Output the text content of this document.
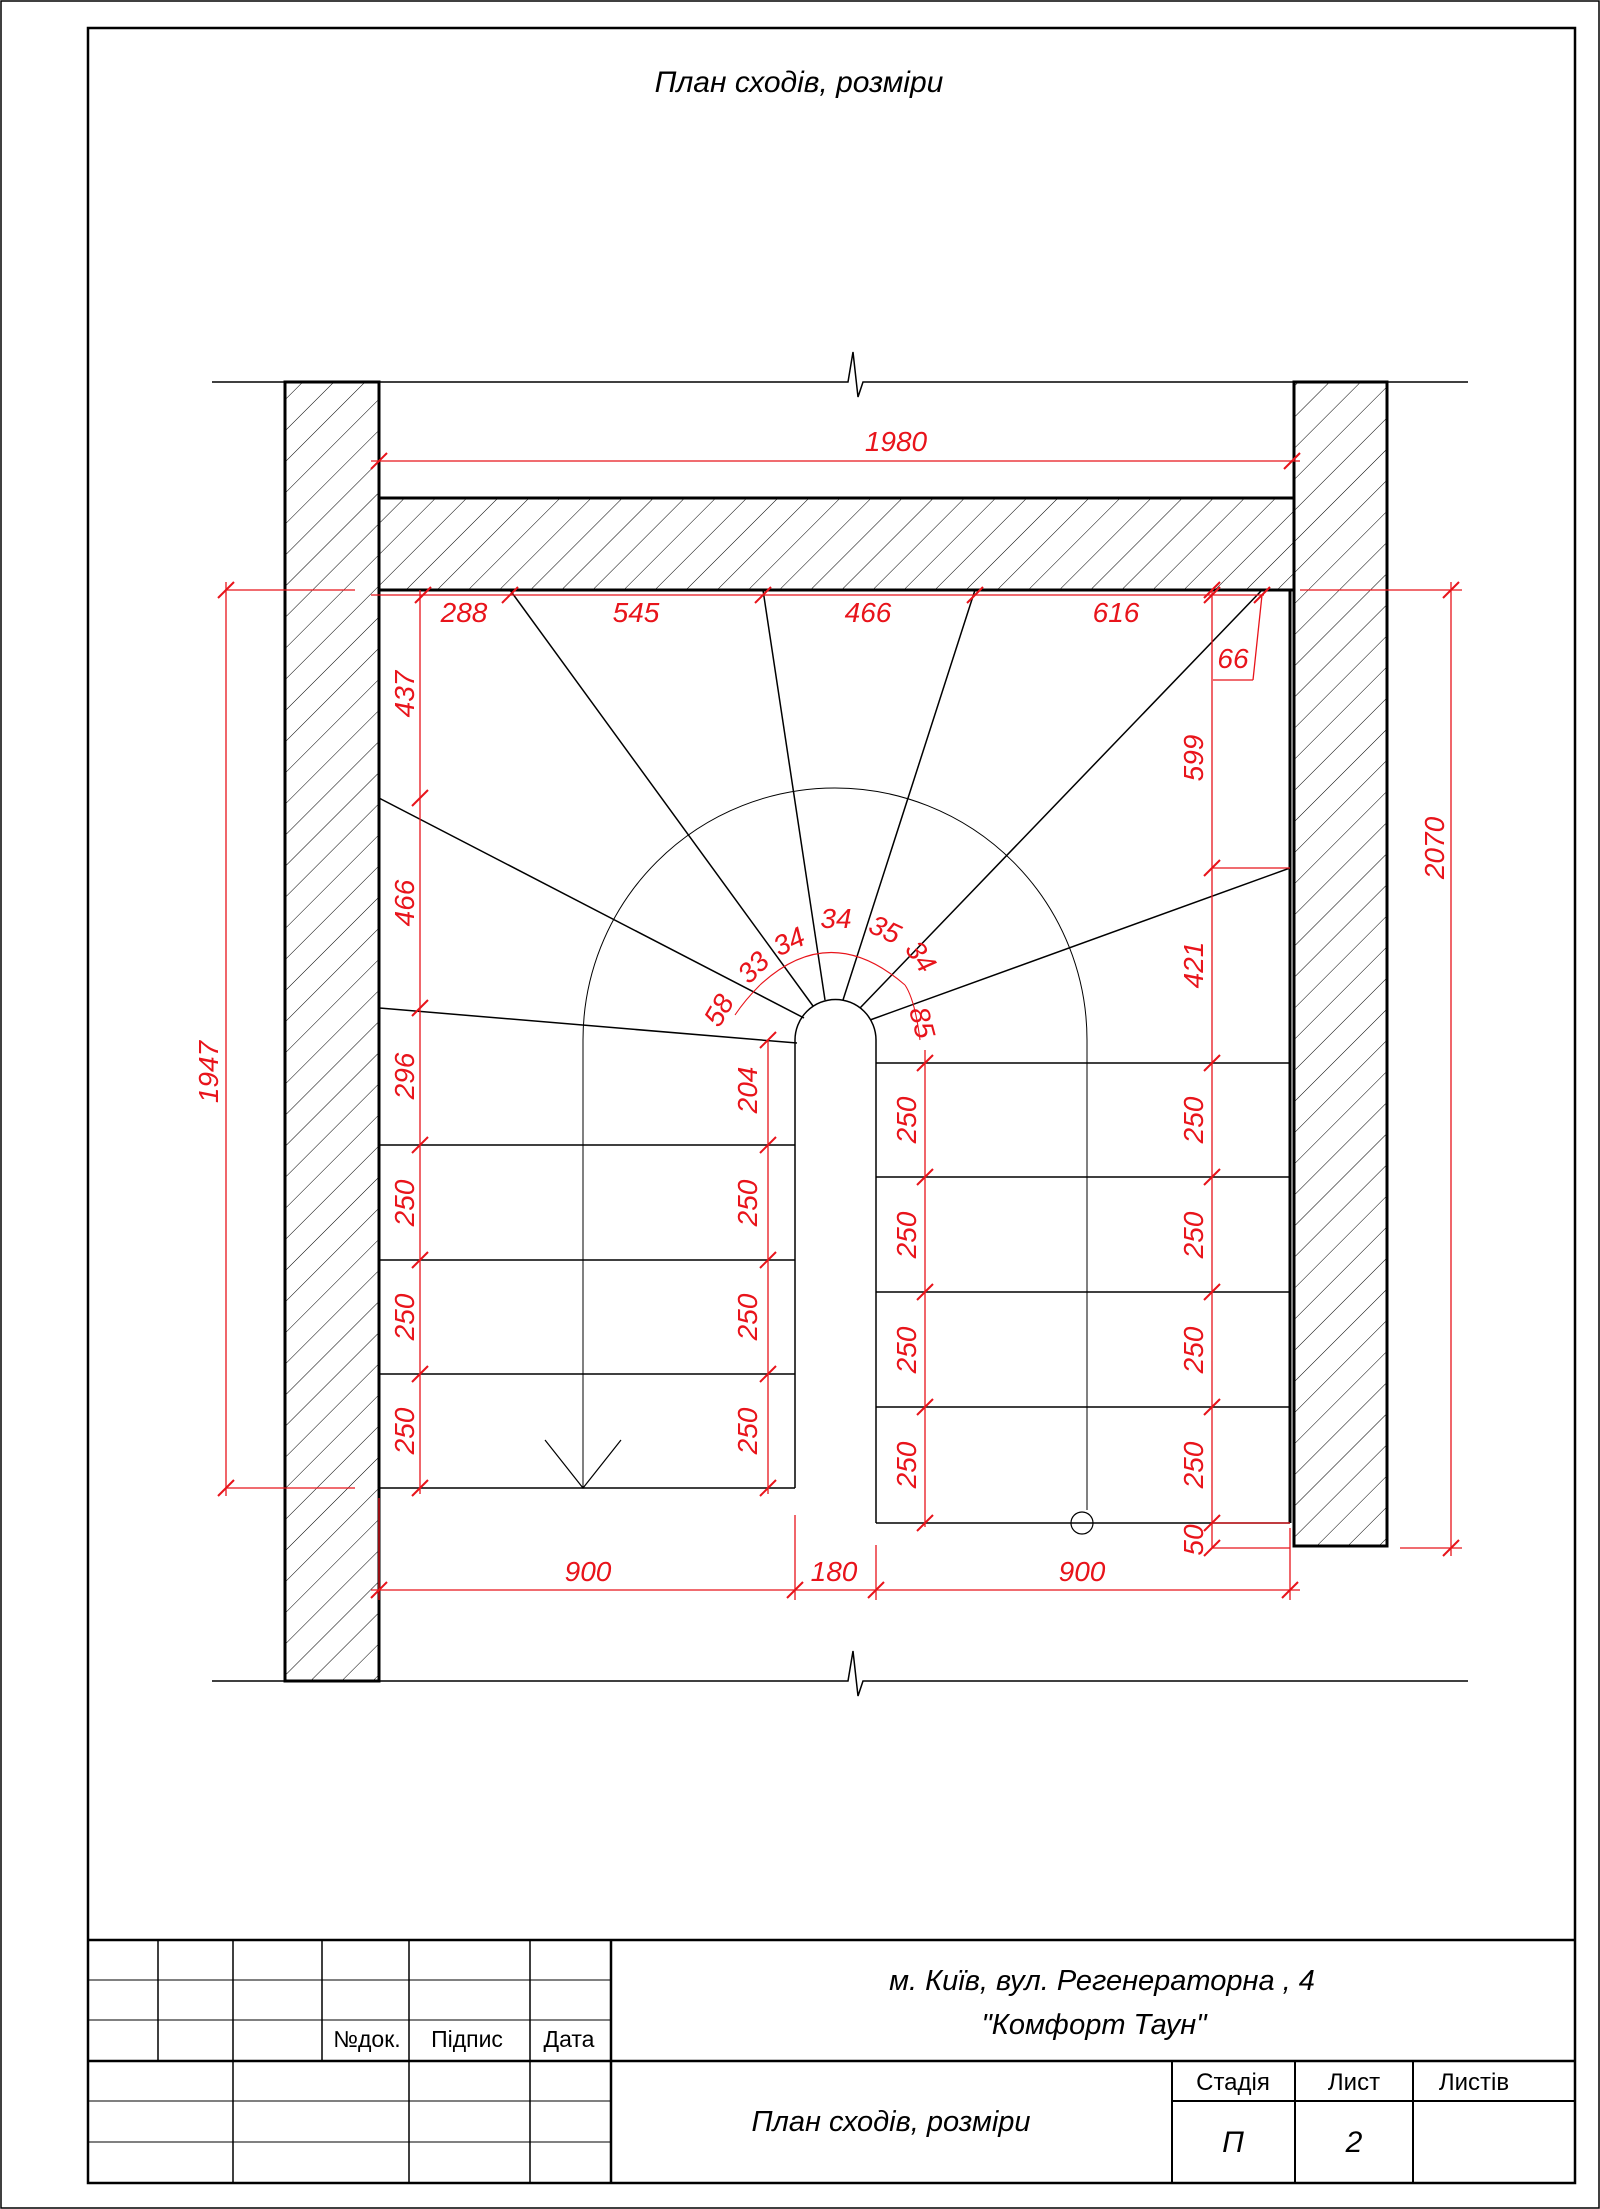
План сходів, розміри
1980
288	545	466	616
66
1947
437
466
296
250
250
250
204
250
250
250
250
250
250
250
599
421
250
250
250
250
50
2070
58
33
34
34 35
34
85
900	180	900
м. Київ, вул. Регенераторна , 4
"Комфорт Таун"
План сходів, розміри
№док. Підпис Дата
Стадія Лист Листів
П	2
